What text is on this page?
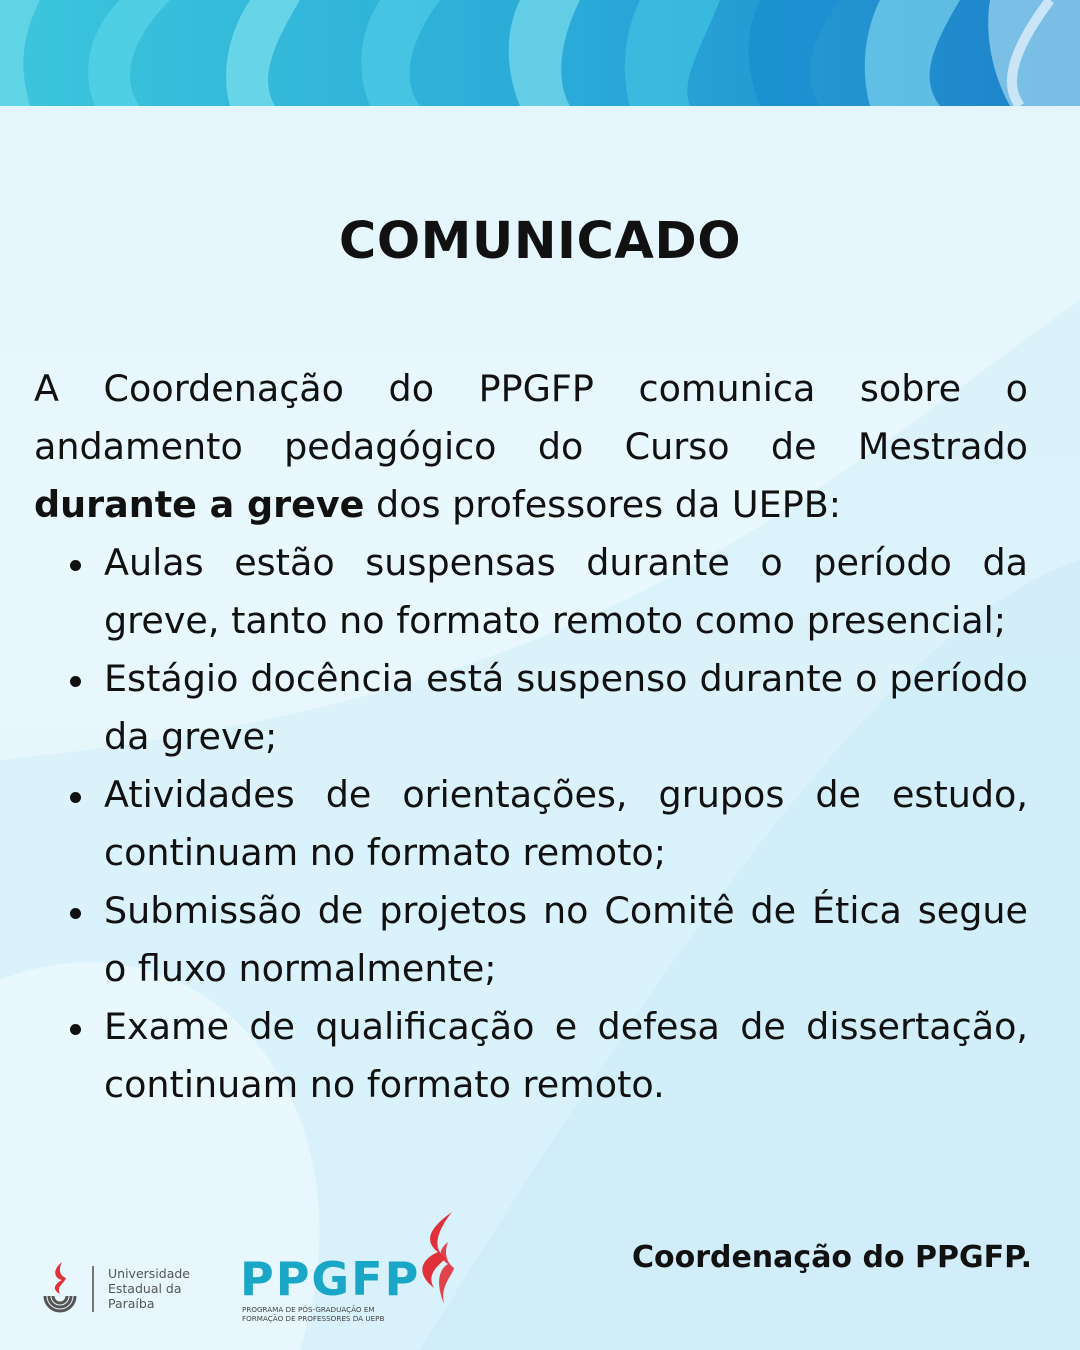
COMUNICADO

A Coordenação do PPGFP comunica sobre o andamento pedagógico do Curso de Mestrado durante a greve dos professores da UEPB:

Aulas estão suspensas durante o período da greve, tanto no formato remoto como presencial;
Estágio docência está suspenso durante o período da greve;
Atividades de orientações, grupos de estudo, continuam no formato remoto;
Submissão de projetos no Comitê de Ética segue o fluxo normalmente;
Exame de qualificação e defesa de dissertação, continuam no formato remoto.
Universidade
Estadual da
Paraíba	PPGFP
PROGRAMA DE PÓS-GRADUAÇÃO EM
FORMAÇÃO DE PROFESSORES DA UEPB
Coordenação do PPGFP.
